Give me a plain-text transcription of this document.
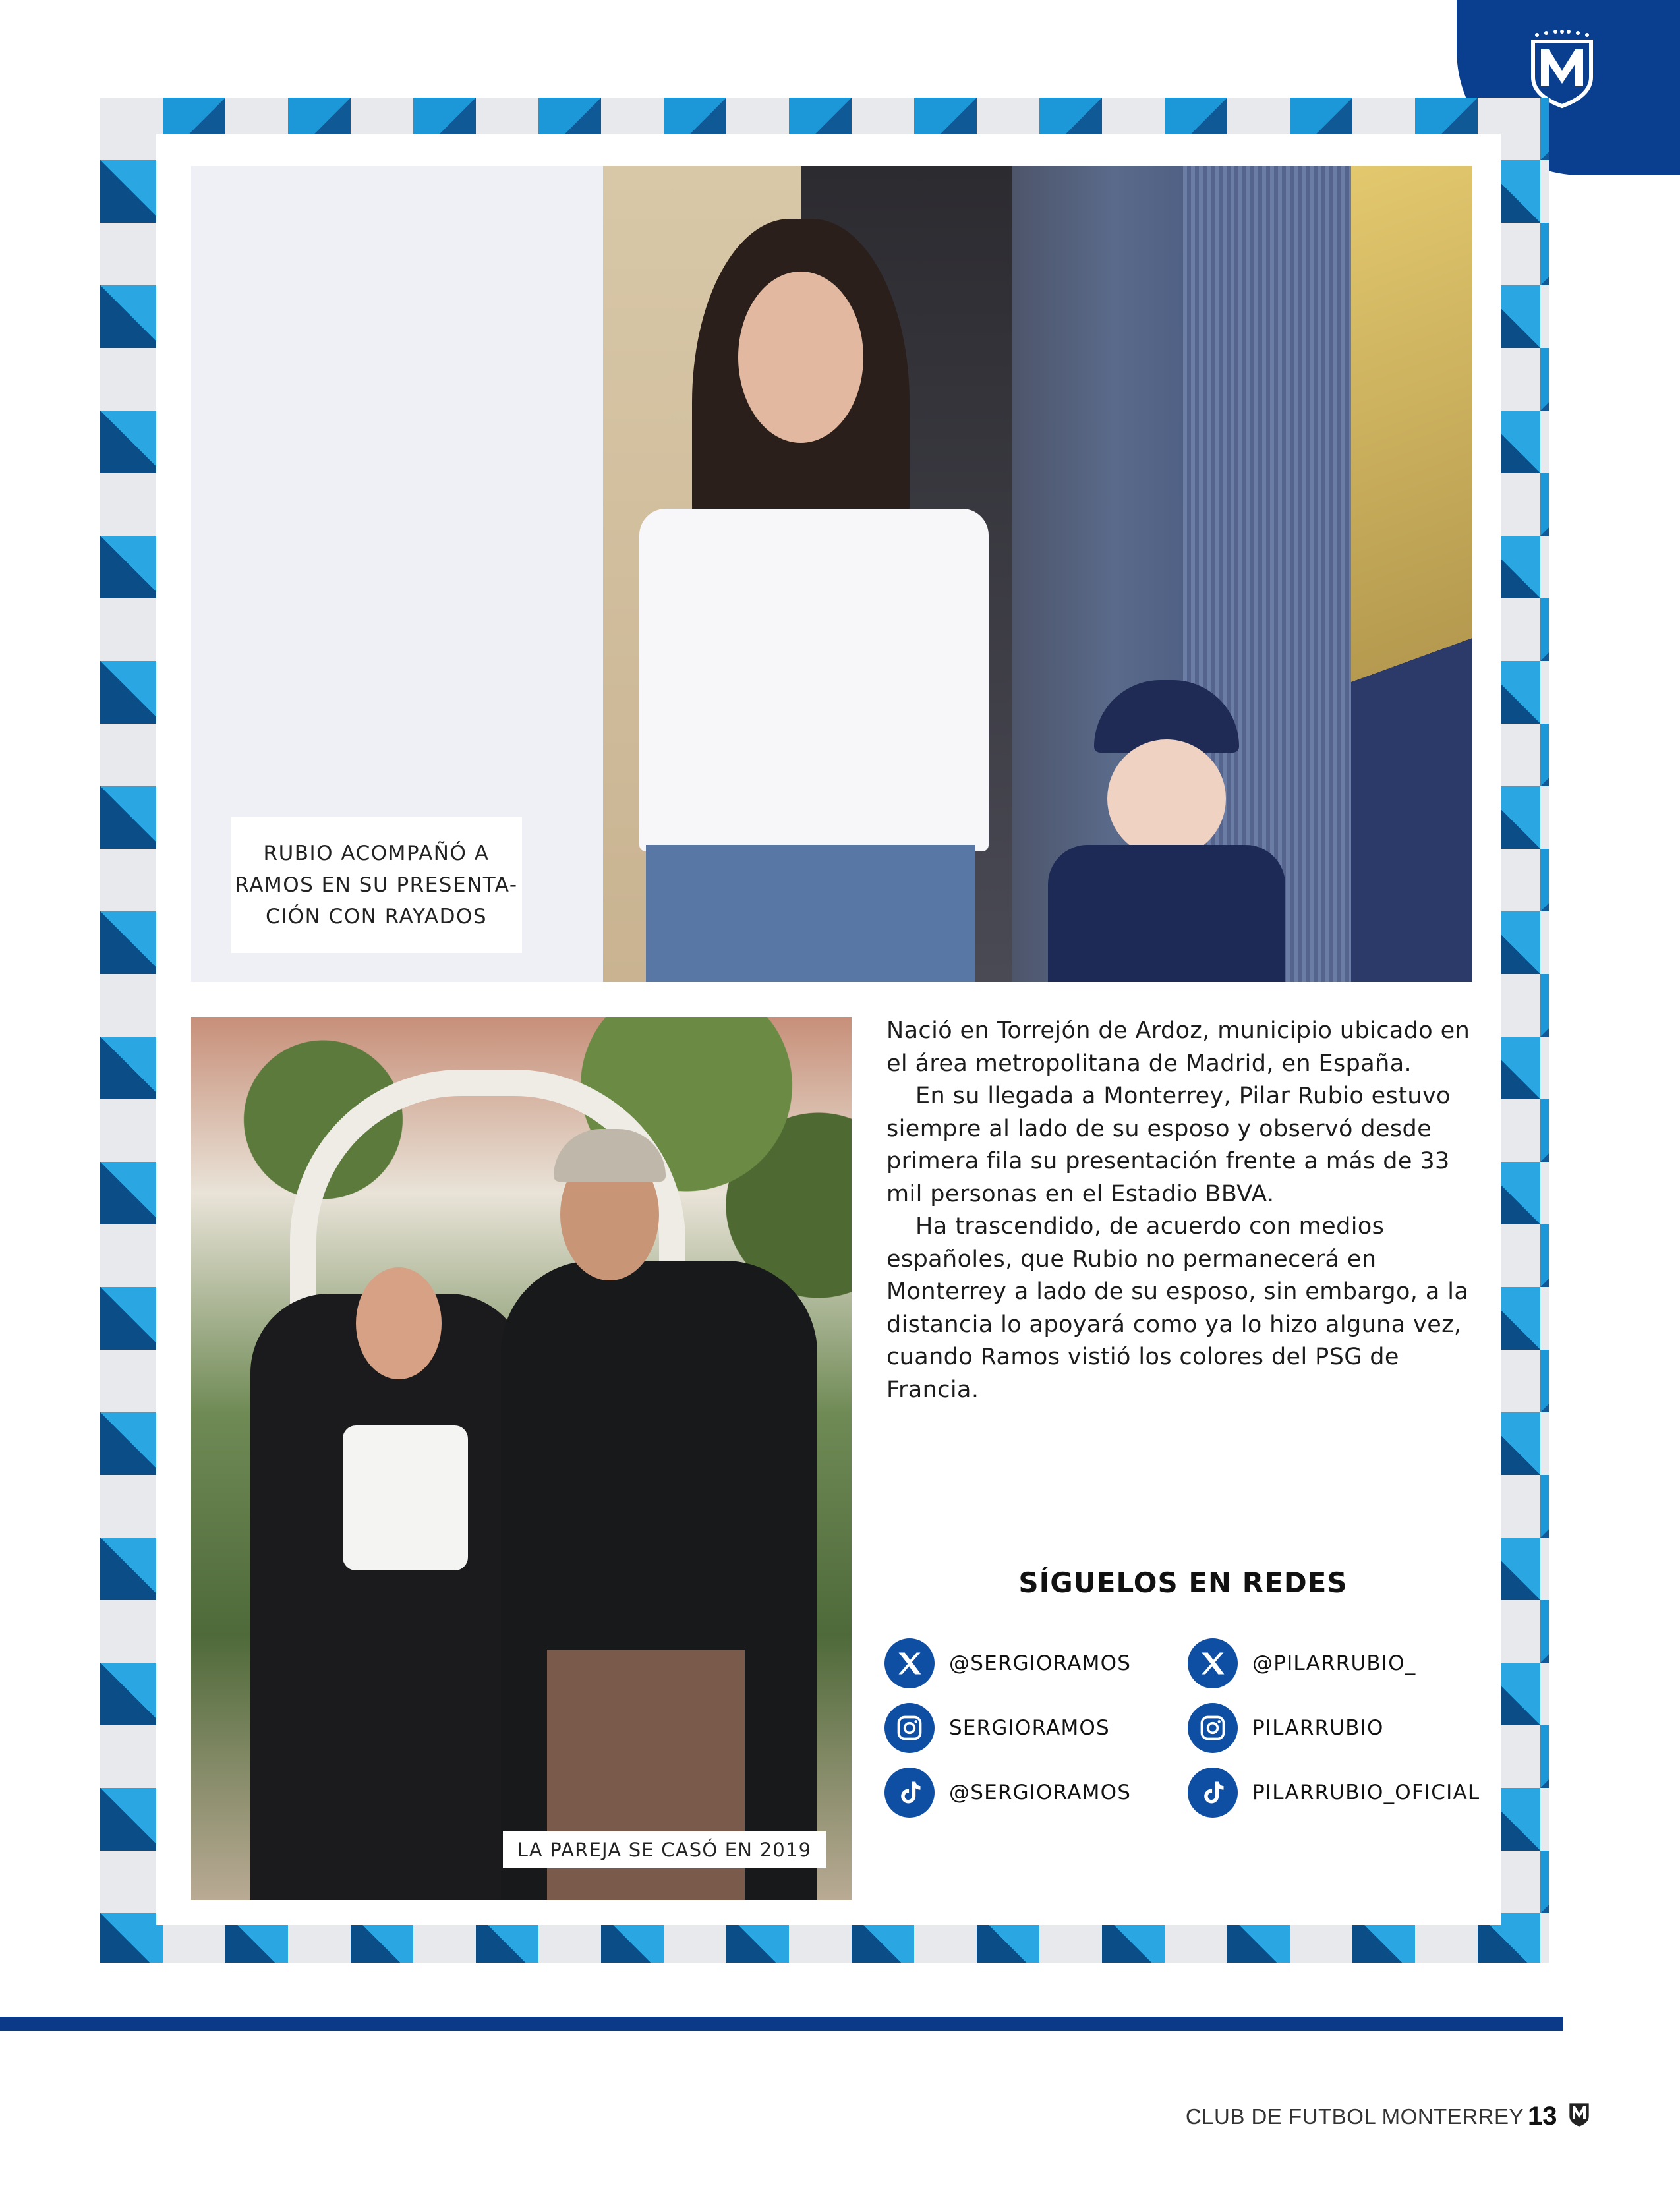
RUBIO ACOMPAÑÓ A
RAMOS EN SU PRESENTA-
CIÓN CON RAYADOS
LA PAREJA SE CASÓ EN 2019

Nació en Torrejón de Ardoz, municipio ubicado en el área metropolitana de Madrid, en España.

En su llegada a Monterrey, Pilar Rubio estuvo siempre al lado de su esposo y observó desde primera fila su presentación frente a más de 33 mil personas en el Estadio BBVA.

Ha trascendido, de acuerdo con medios españoles, que Rubio no permanecerá en Monterrey a lado de su esposo, sin embargo, a la distancia lo apoyará como ya lo hizo alguna vez, cuando Ramos vistió los colores del PSG de Francia.

SÍGUELOS EN REDES
@SERGIORAMOS
SERGIORAMOS
@SERGIORAMOS
@PILARRUBIO_
PILARRUBIO
PILARRUBIO_OFICIAL
CLUB DE FUTBOL MONTERREY 13
